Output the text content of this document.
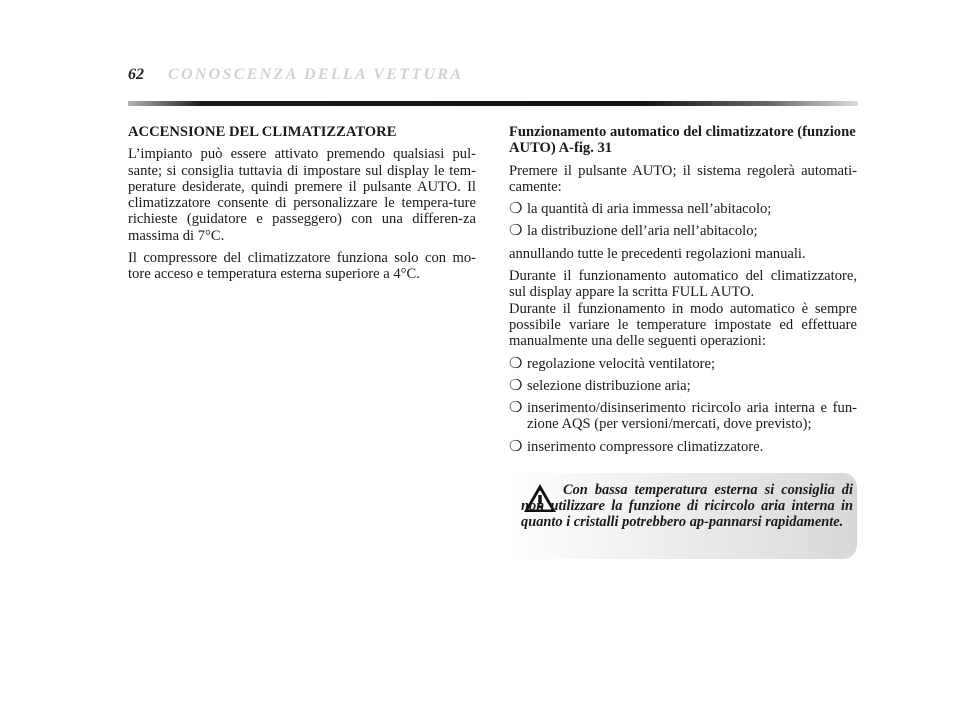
62 CONOSCENZA DELLA VETTURA
ACCENSIONE DEL CLIMATIZZATORE

L’impianto può essere attivato premendo qualsiasi pul-sante; si consiglia tuttavia di impostare sul display le tem-perature desiderate, quindi premere il pulsante AUTO. Il climatizzatore consente di personalizzare le tempera-ture richieste (guidatore e passeggero) con una differen-za massima di 7°C.

Il compressore del climatizzatore funziona solo con mo-tore acceso e temperatura esterna superiore a 4°C.

Funzionamento automatico del climatizzatore (funzione AUTO) A-fig. 31

Premere il pulsante AUTO; il sistema regolerà automati-camente:

❍ la quantità di aria immessa nell’abitacolo;
❍ la distribuzione dell’aria nell’abitacolo;

annullando tutte le precedenti regolazioni manuali.

Durante il funzionamento automatico del climatizzatore, sul display appare la scritta FULL AUTO.

Durante il funzionamento in modo automatico è sempre possibile variare le temperature impostate ed effettuare manualmente una delle seguenti operazioni:

❍ regolazione velocità ventilatore;
❍ selezione distribuzione aria;
❍ inserimento/disinserimento ricircolo aria interna e fun-zione AQS (per versioni/mercati, dove previsto);
❍ inserimento compressore climatizzatore.

Con bassa temperatura esterna si consiglia di non utilizzare la funzione di ricircolo aria interna in quanto i cristalli potrebbero ap-pannarsi rapidamente.
